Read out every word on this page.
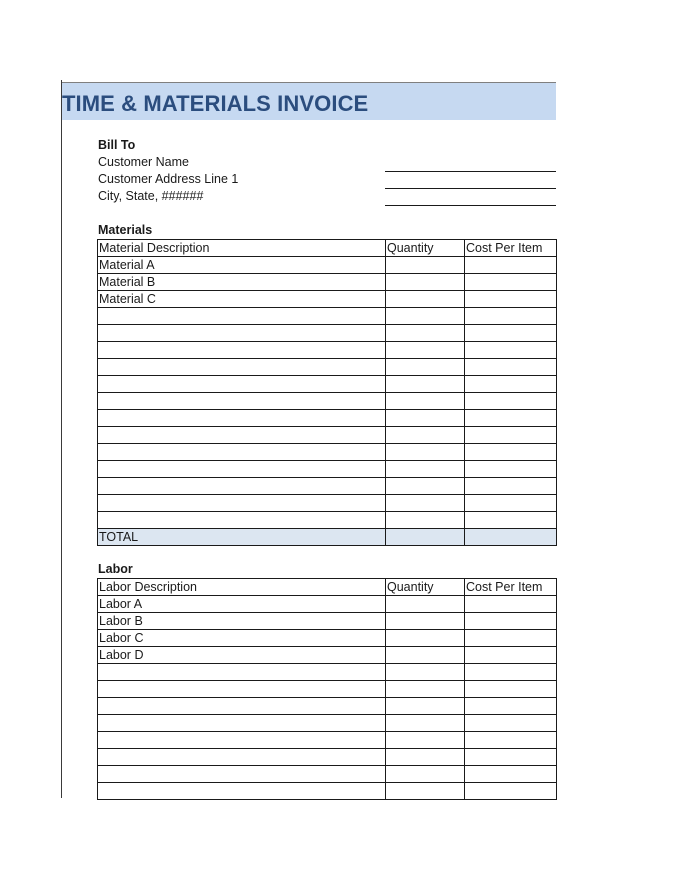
TIME & MATERIALS INVOICE
Bill To
Customer Name
Customer Address Line 1
City, State, ######
Materials
Material Description	Quantity	Cost Per Item
Material A		
Material B		
Material C		

TOTAL		
Labor
Labor Description	Quantity	Cost Per Item
Labor A		
Labor B		
Labor C		
Labor D		
